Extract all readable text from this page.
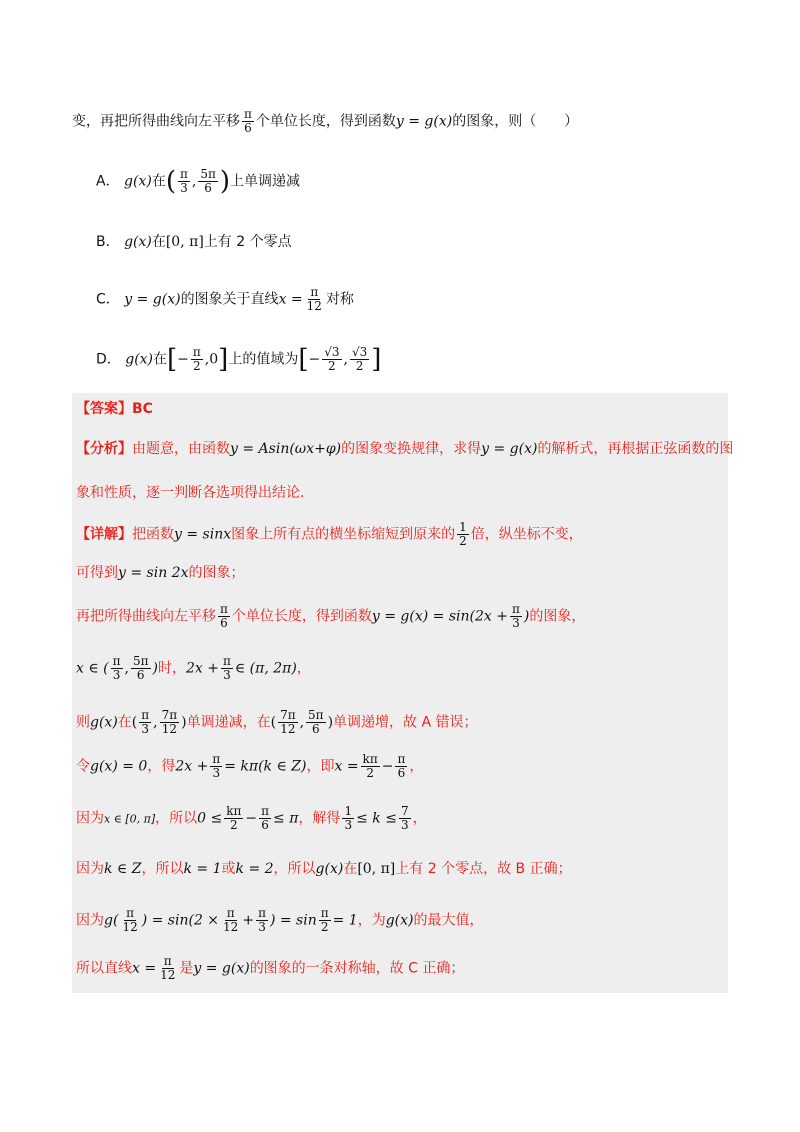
变，再把所得曲线向左平移 $\frac{\pi}{6}$ 个单位长度，得到函数y = g(x)的图象，则（　　）
A． g(x)在( $\frac{\pi}{3}$ , $\frac{5\pi}{6}$ )上单调递减
B． g(x)在[0, π]上有 2 个零点
C． y = g(x)的图象关于直线$x = \frac{\pi}{12}$ 对称
D． g(x)在[− $\frac{\pi}{2} ,0$]上的值域为[− $\frac{√3}{2}$ , $\frac{√3}{2}$ ]
【答案】BC
【分析】由题意，由函数y = Asin(ωx+φ)的图象变换规律，求得y = g(x)的解析式，再根据正弦函数的图
象和性质，逐一判断各选项得出结论.
【详解】把函数y = sinx图象上所有点的横坐标缩短到原来的 $\frac{1}{2}$ 倍，纵坐标不变，
可得到y = sin 2x的图象；
再把所得曲线向左平移 $\frac{\pi}{6}$ 个单位长度，得到函数$y = g(x) = \sin(2x + \frac{\pi}{3}$ )的图象，
x ∈ ( $\frac{\pi}{3}$ , $\frac{5\pi}{6}$ )时，$2x + \frac{\pi}{3}$ ∈ (π, 2π)，
则g(x)在( $\frac{\pi}{3}$ , $\frac{7\pi}{12}$ )单调递减，在( $\frac{7\pi}{12}$ , $\frac{5\pi}{6}$ )单调递增，故 A 错误；
令g(x) = 0，得$2x + \frac{\pi}{3} = k\pi(k$ ∈ Z)，即$x = \frac{k\pi}{2} - \frac{\pi}{6}$ ，
因为x ∈ [0, π]，所以$0 \le \frac{k\pi}{2} - \frac{\pi}{6} \le \pi$，解得 $\frac{1}{3} \le k \le \frac{7}{3}$ ，
因为k ∈ Z，所以k = 1或k = 2，所以g(x)在[0, π]上有 2 个零点，故 B 正确；
因为$g( \frac{\pi}{12}$ ) = $\sin(2 \times \frac{\pi}{12} + \frac{\pi}{3}$ ) = $\sin \frac{\pi}{2} = 1$，为g(x)的最大值，
所以直线$x = \frac{\pi}{12}$ 是y = g(x)的图象的一条对称轴，故 C 正确；
